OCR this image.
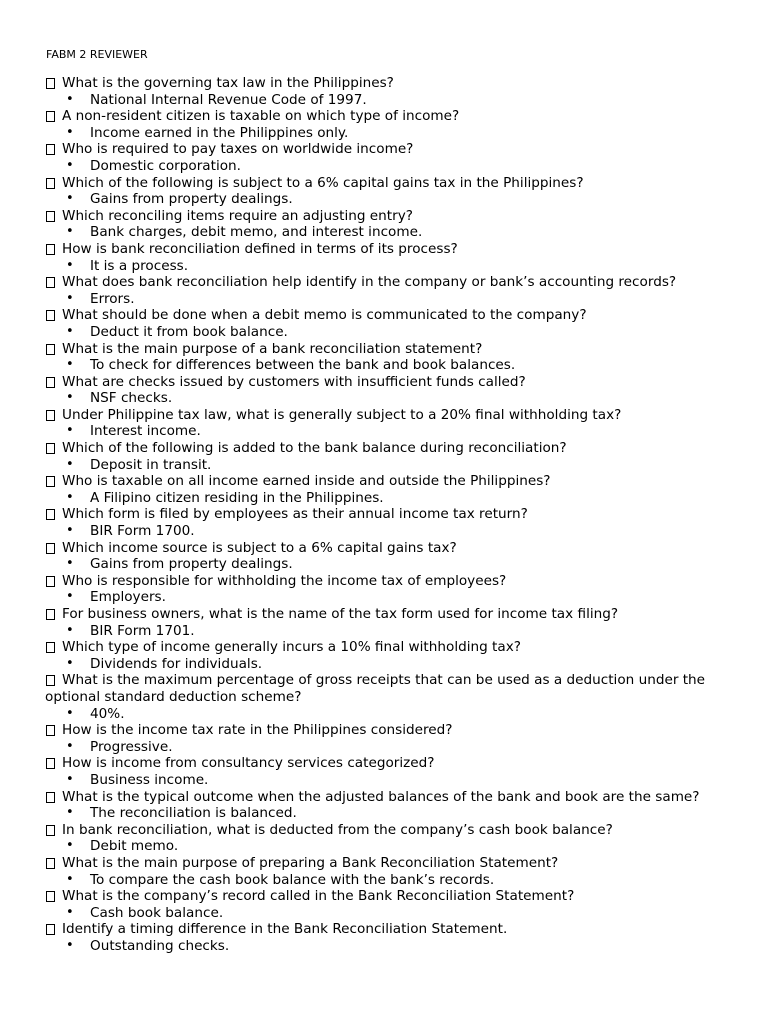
FABM 2 REVIEWER
What is the governing tax law in the Philippines?
• National Internal Revenue Code of 1997.
A non-resident citizen is taxable on which type of income?
• Income earned in the Philippines only.
Who is required to pay taxes on worldwide income?
• Domestic corporation.
Which of the following is subject to a 6% capital gains tax in the Philippines?
• Gains from property dealings.
Which reconciling items require an adjusting entry?
• Bank charges, debit memo, and interest income.
How is bank reconciliation defined in terms of its process?
• It is a process.
What does bank reconciliation help identify in the company or bank’s accounting records?
• Errors.
What should be done when a debit memo is communicated to the company?
• Deduct it from book balance.
What is the main purpose of a bank reconciliation statement?
• To check for differences between the bank and book balances.
What are checks issued by customers with insufficient funds called?
• NSF checks.
Under Philippine tax law, what is generally subject to a 20% final withholding tax?
• Interest income.
Which of the following is added to the bank balance during reconciliation?
• Deposit in transit.
Who is taxable on all income earned inside and outside the Philippines?
• A Filipino citizen residing in the Philippines.
Which form is filed by employees as their annual income tax return?
• BIR Form 1700.
Which income source is subject to a 6% capital gains tax?
• Gains from property dealings.
Who is responsible for withholding the income tax of employees?
• Employers.
For business owners, what is the name of the tax form used for income tax filing?
• BIR Form 1701.
Which type of income generally incurs a 10% final withholding tax?
• Dividends for individuals.
What is the maximum percentage of gross receipts that can be used as a deduction under the optional standard deduction scheme?
• 40%.
How is the income tax rate in the Philippines considered?
• Progressive.
How is income from consultancy services categorized?
• Business income.
What is the typical outcome when the adjusted balances of the bank and book are the same?
• The reconciliation is balanced.
In bank reconciliation, what is deducted from the company’s cash book balance?
• Debit memo.
What is the main purpose of preparing a Bank Reconciliation Statement?
• To compare the cash book balance with the bank’s records.
What is the company’s record called in the Bank Reconciliation Statement?
• Cash book balance.
Identify a timing difference in the Bank Reconciliation Statement.
• Outstanding checks.
